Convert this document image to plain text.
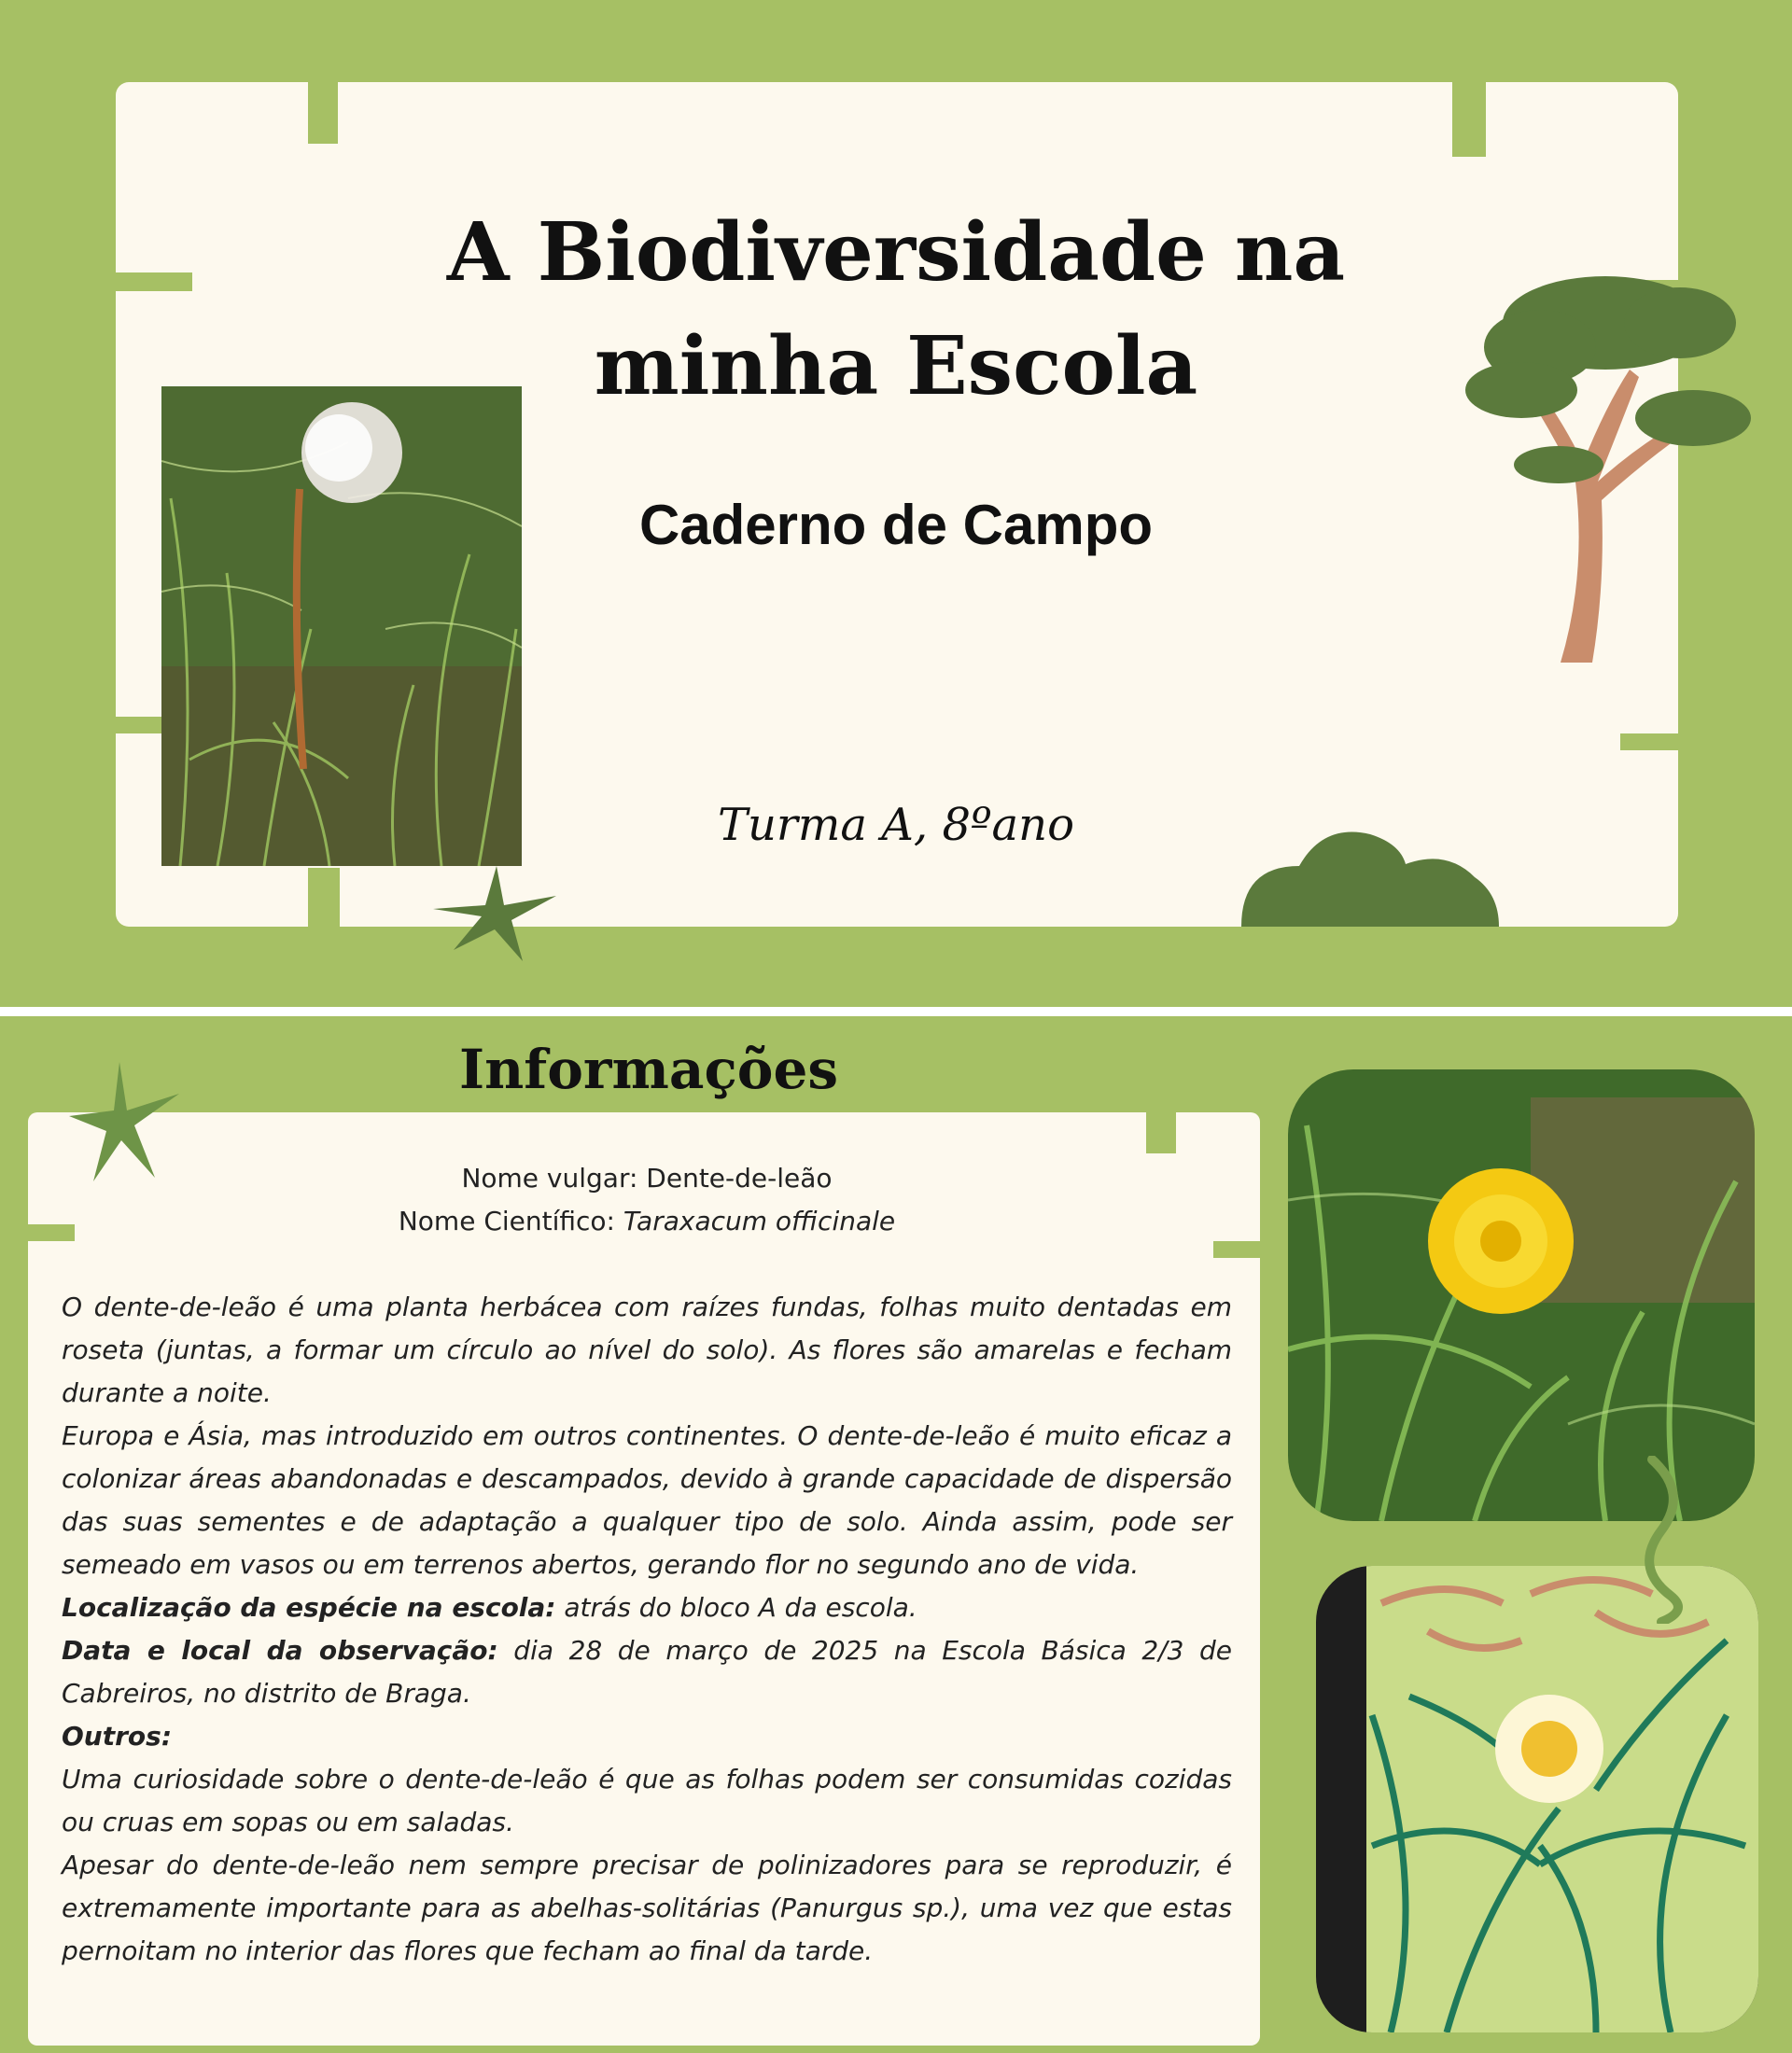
A Biodiversidade na
minha Escola
Caderno de Campo
Turma A, 8ºano
Informações
Nome vulgar: Dente-de-leão
Nome Científico: Taraxacum officinale

O dente-de-leão é uma planta herbácea com raízes fundas, folhas muito dentadas em roseta (juntas, a formar um círculo ao nível do solo). As flores são amarelas e fecham durante a noite.

Europa e Ásia, mas introduzido em outros continentes. O dente-de-leão é muito eficaz a colonizar áreas abandonadas e descampados, devido à grande capacidade de dispersão das suas sementes e de adaptação a qualquer tipo de solo. Ainda assim, pode ser semeado em vasos ou em terrenos abertos, gerando flor no segundo ano de vida.

Localização da espécie na escola: atrás do bloco A da escola.

Data e local da observação: dia 28 de março de 2025 na Escola Básica 2/3 de Cabreiros, no distrito de Braga.

Outros:

Uma curiosidade sobre o dente-de-leão é que as folhas podem ser consumidas cozidas ou cruas em sopas ou em saladas.

Apesar do dente-de-leão nem sempre precisar de polinizadores para se reproduzir, é extremamente importante para as abelhas-solitárias (Panurgus sp.), uma vez que estas pernoitam no interior das flores que fecham ao final da tarde.
